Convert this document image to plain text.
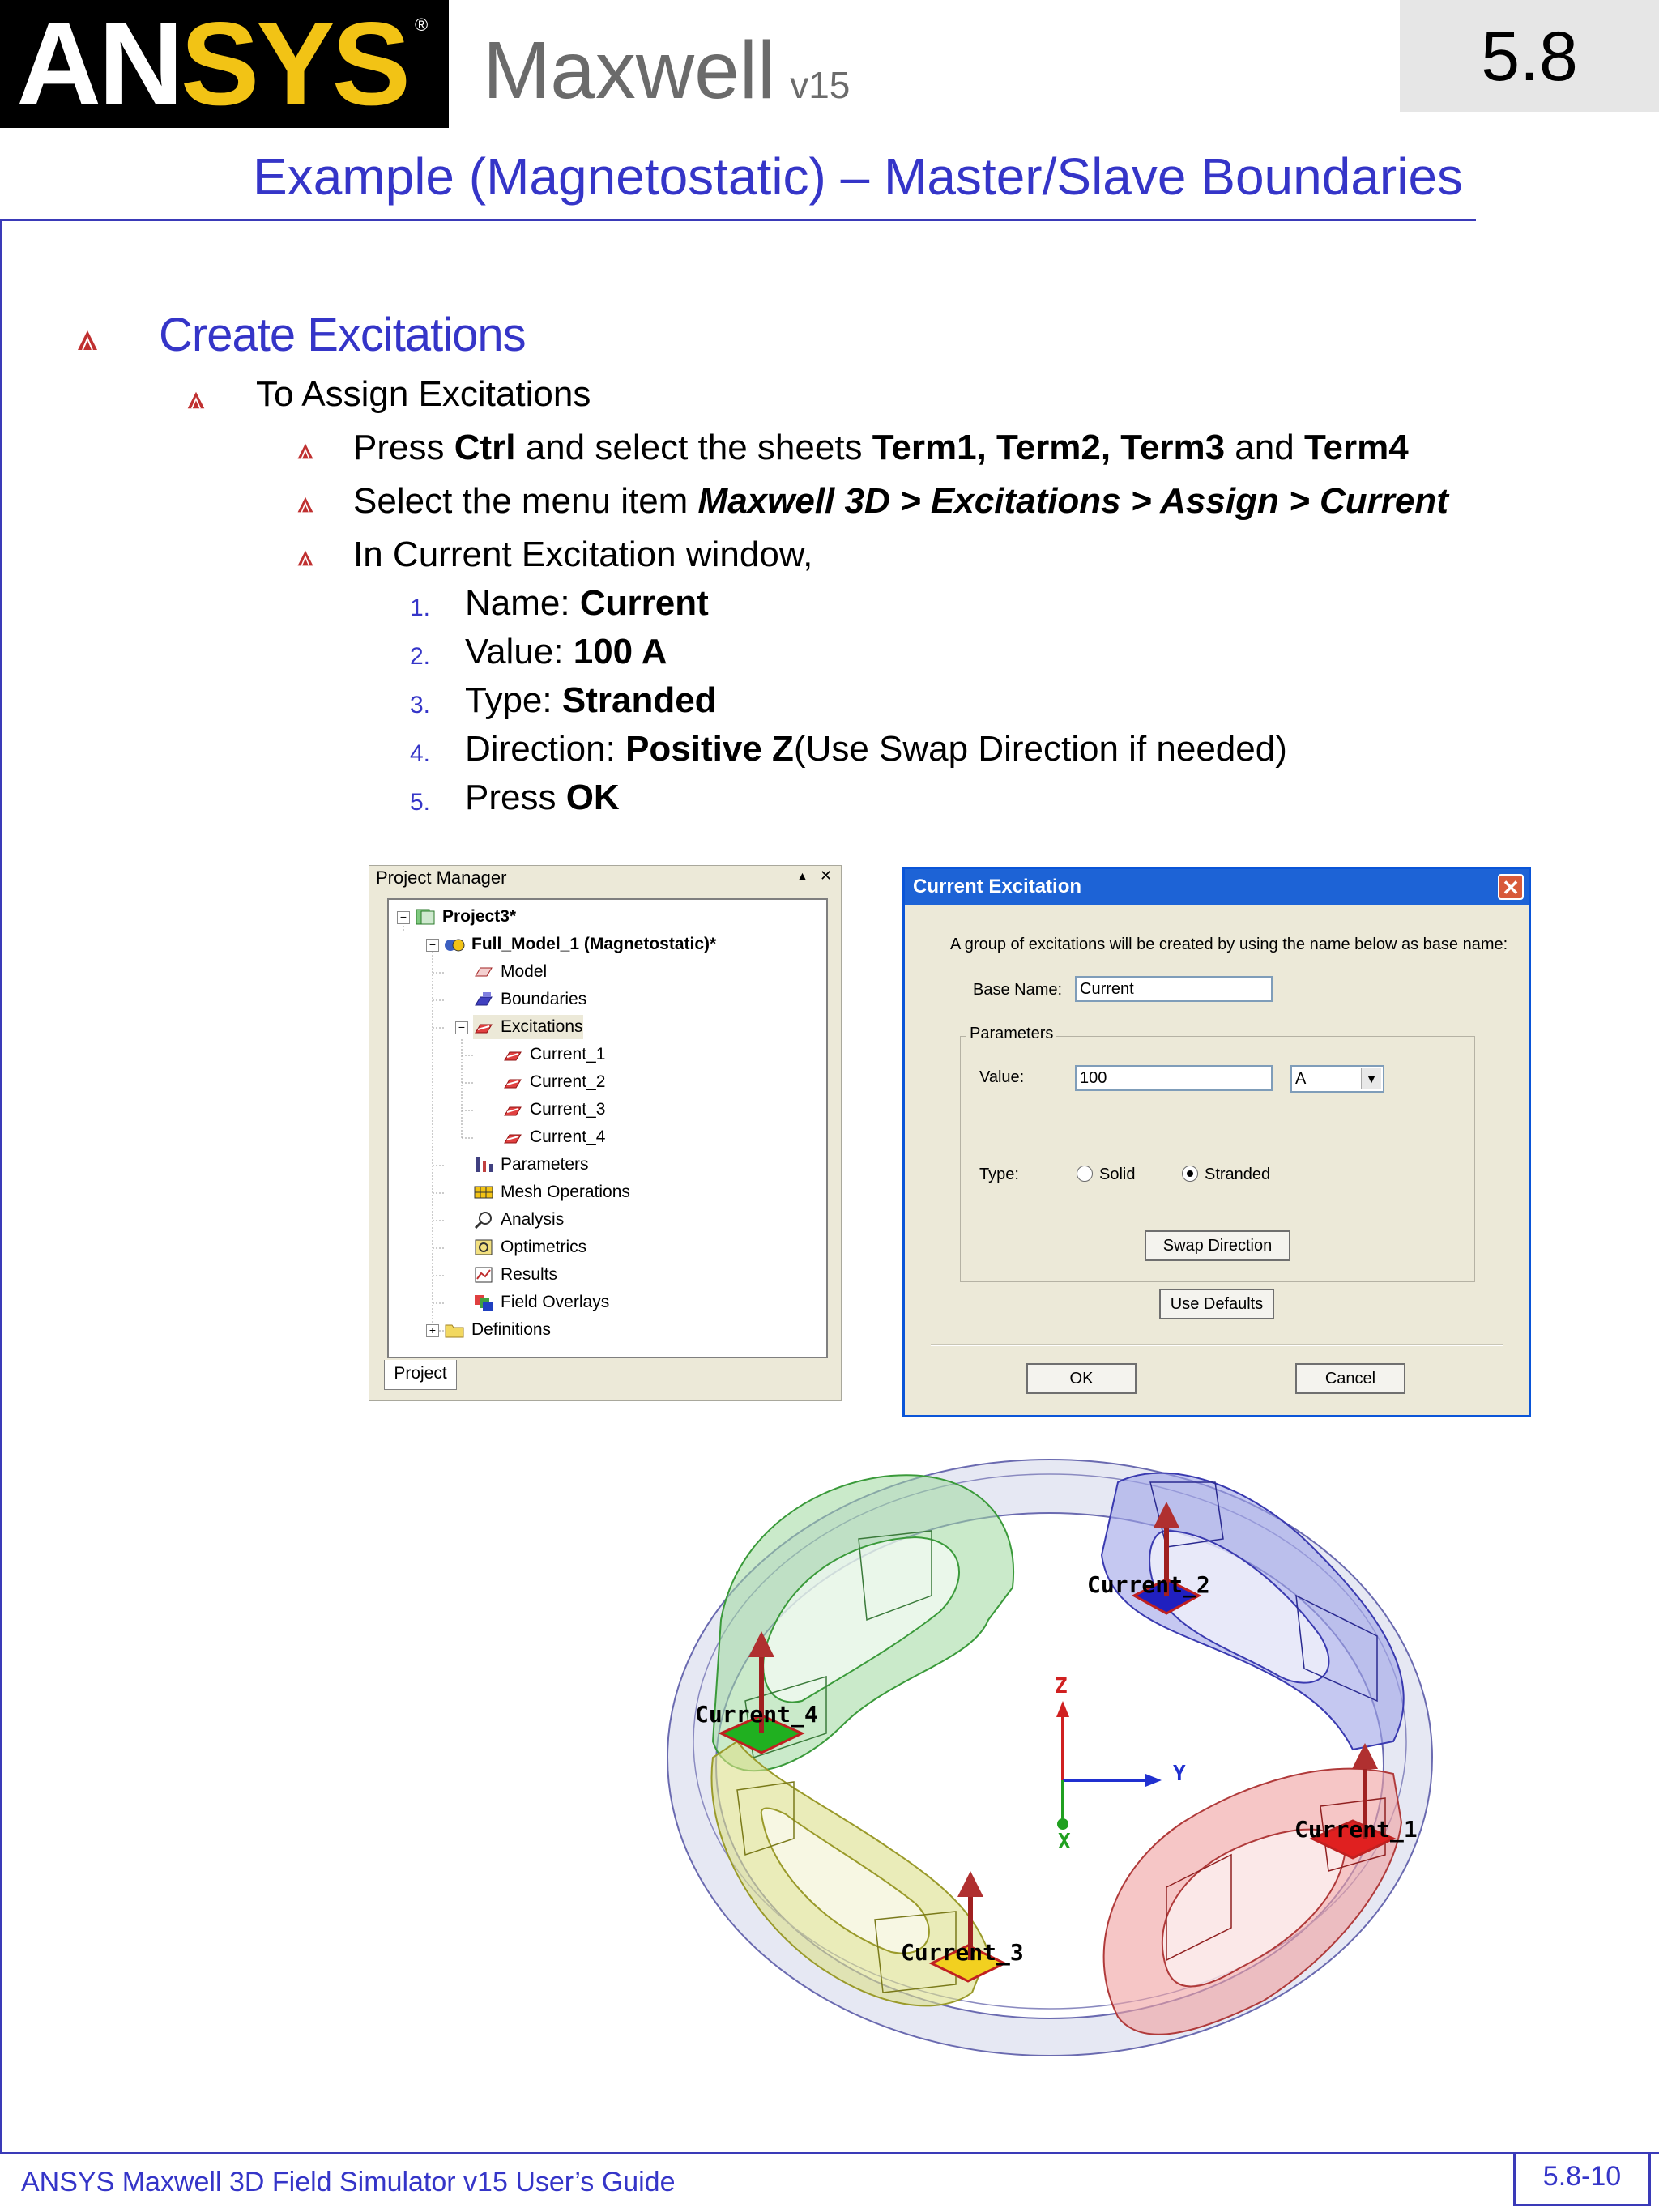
ANSYS ®
Maxwell v15	5.8
Example (Magnetostatic) – Master/Slave Boundaries
Create Excitations
To Assign Excitations
Press Ctrl and select the sheets Term1, Term2, Term3 and Term4
Select the menu item Maxwell 3D > Excitations > Assign > Current
In Current Excitation window,
1. Name: Current
2. Value: 100 A
3. Type: Stranded
4. Direction: Positive Z(Use Swap Direction if needed)
5. Press OK
Project Manager	▴ ✕
−
−
−
+
Project3*
Full_Model_1 (Magnetostatic)*
Model
Boundaries
Excitations
Current_1
Current_2
Current_3
Current_4
Parameters
Mesh Operations
Analysis
Optimetrics
Results
Field Overlays
Definitions
Project
Current Excitation	✕
A group of excitations will be created by using the name below as base name:
Base Name:	Current
Parameters
Value:	100	A	▼
Type:	Solid	Stranded
Swap Direction
Use Defaults
OK	Cancel
Current_2
Current_4
Current_1
Current_3
Z
Y
X
ANSYS Maxwell 3D Field Simulator v15 User’s Guide	5.8-10
